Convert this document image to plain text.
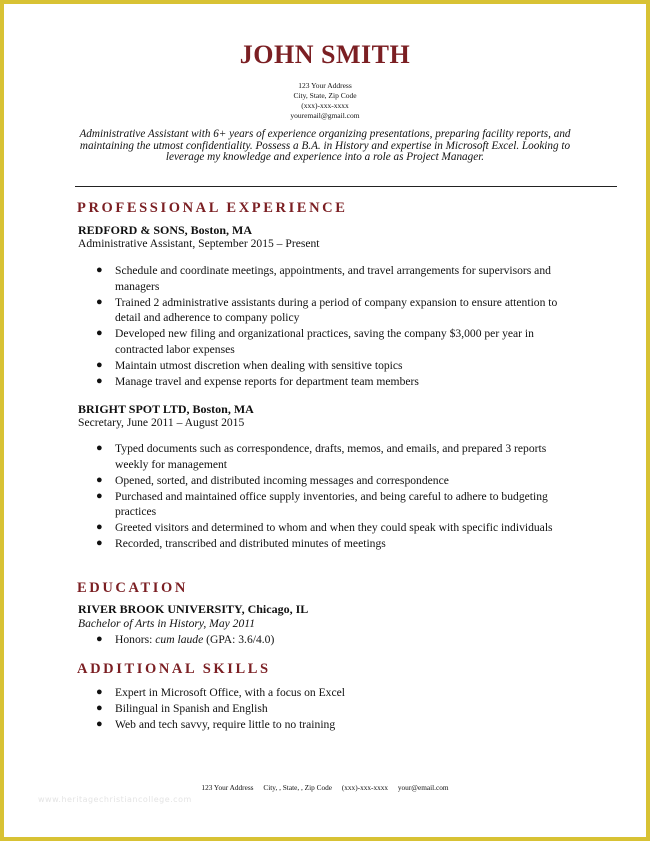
JOHN SMITH
123 Your Address
City, State, Zip Code
(xxx)-xxx-xxxx
youremail@gmail.com
Administrative Assistant with 6+ years of experience organizing presentations, preparing facility reports, and maintaining the utmost confidentiality. Possess a B.A. in History and expertise in Microsoft Excel. Looking to leverage my knowledge and experience into a role as Project Manager.
PROFESSIONAL EXPERIENCE
REDFORD & SONS, Boston, MA
Administrative Assistant, September 2015 – Present
● Schedule and coordinate meetings, appointments, and travel arrangements for supervisors and managers
● Trained 2 administrative assistants during a period of company expansion to ensure attention to detail and adherence to company policy
● Developed new filing and organizational practices, saving the company $3,000 per year in contracted labor expenses
● Maintain utmost discretion when dealing with sensitive topics
● Manage travel and expense reports for department team members
BRIGHT SPOT LTD, Boston, MA
Secretary, June 2011 – August 2015
● Typed documents such as correspondence, drafts, memos, and emails, and prepared 3 reports weekly for management
● Opened, sorted, and distributed incoming messages and correspondence
● Purchased and maintained office supply inventories, and being careful to adhere to budgeting practices
● Greeted visitors and determined to whom and when they could speak with specific individuals
● Recorded, transcribed and distributed minutes of meetings
EDUCATION
RIVER BROOK UNIVERSITY, Chicago, IL
Bachelor of Arts in History, May 2011
● Honors: cum laude (GPA: 3.6/4.0)
ADDITIONAL SKILLS
● Expert in Microsoft Office, with a focus on Excel
● Bilingual in Spanish and English
● Web and tech savvy, require little to no training
123 Your Address City, , State, , Zip Code (xxx)-xxx-xxxx your@email.com
www.heritagechristiancollege.com
